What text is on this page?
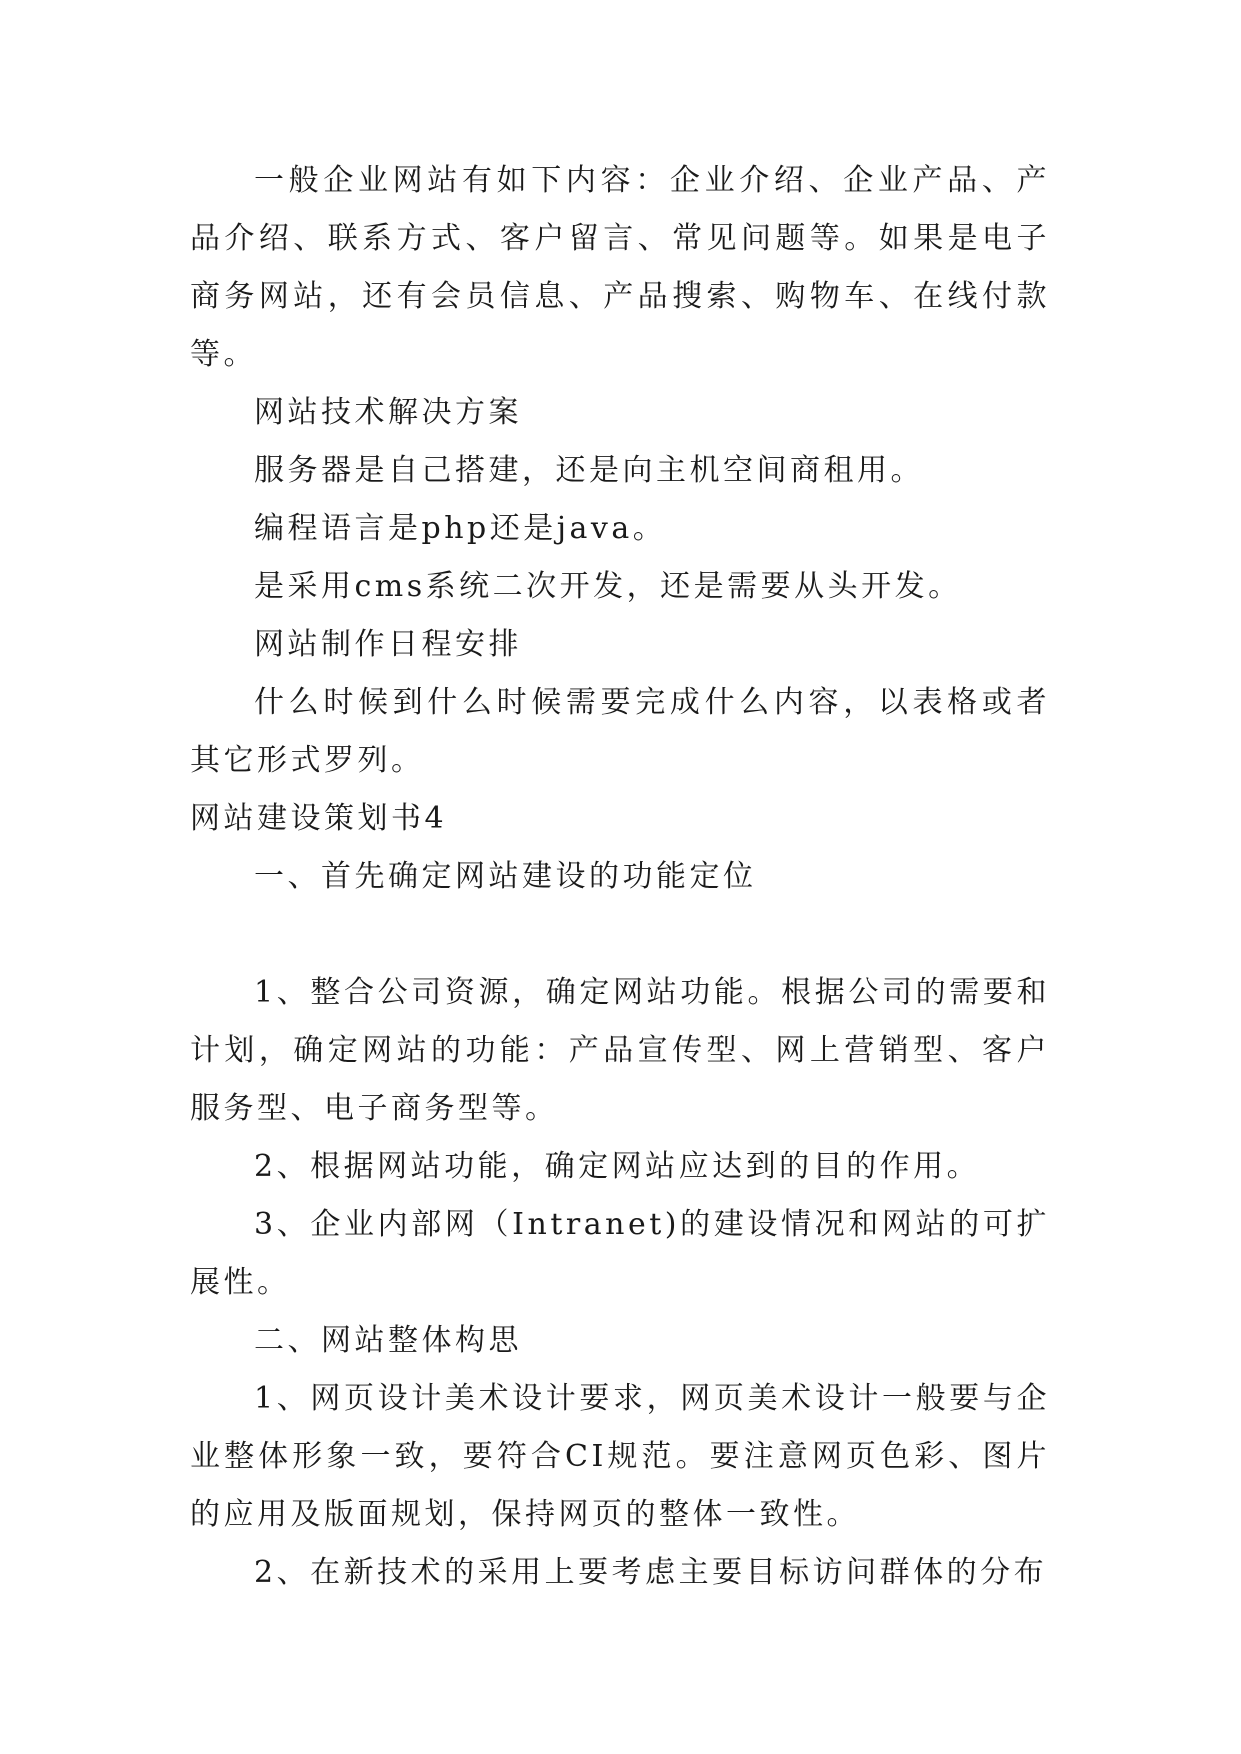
一般企业网站有如下内容：企业介绍、企业产品、产品介绍、联系方式、客户留言、常见问题等。如果是电子商务网站，还有会员信息、产品搜索、购物车、在线付款等。

网站技术解决方案

服务器是自己搭建，还是向主机空间商租用。

编程语言是php还是java。

是采用cms系统二次开发，还是需要从头开发。

网站制作日程安排

什么时候到什么时候需要完成什么内容，以表格或者其它形式罗列。

网站建设策划书4

一、首先确定网站建设的功能定位

1、整合公司资源，确定网站功能。根据公司的需要和计划，确定网站的功能：产品宣传型、网上营销型、客户服务型、电子商务型等。

2、根据网站功能，确定网站应达到的目的作用。

3、企业内部网（Intranet)的建设情况和网站的可扩展性。

二、网站整体构思

1、网页设计美术设计要求，网页美术设计一般要与企业整体形象一致，要符合CI规范。要注意网页色彩、图片的应用及版面规划，保持网页的整体一致性。

2、在新技术的采用上要考虑主要目标访问群体的分布
